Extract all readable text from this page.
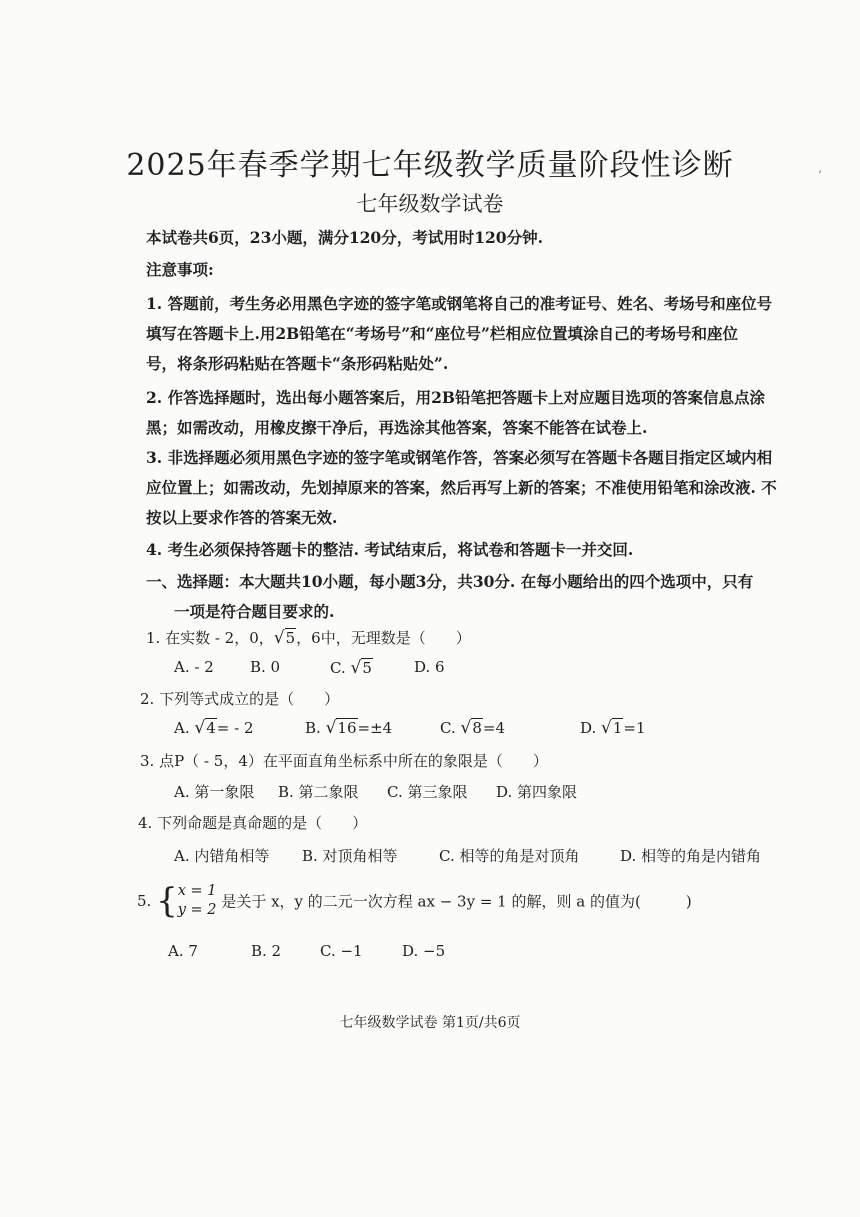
2025年春季学期七年级教学质量阶段性诊断
七年级数学试卷
‘
本试卷共6页，23小题，满分120分，考试用时120分钟.
注意事项:
1. 答题前，考生务必用黑色字迹的签字笔或钢笔将自己的准考证号、姓名、考场号和座位号
填写在答题卡上.用2B铅笔在“考场号”和“座位号”栏相应位置填涂自己的考场号和座位
号，将条形码粘贴在答题卡“条形码粘贴处”.
2. 作答选择题时，选出每小题答案后，用2B铅笔把答题卡上对应题目选项的答案信息点涂
黑；如需改动，用橡皮擦干净后，再选涂其他答案，答案不能答在试卷上.
3. 非选择题必须用黑色字迹的签字笔或钢笔作答，答案必须写在答题卡各题目指定区域内相
应位置上；如需改动，先划掉原来的答案，然后再写上新的答案；不准使用铅笔和涂改液. 不
按以上要求作答的答案无效.
4. 考生必须保持答题卡的整洁. 考试结束后，将试卷和答题卡一并交回.
一、选择题：本大题共10小题，每小题3分，共30分. 在每小题给出的四个选项中，只有
一项是符合题目要求的.
1. 在实数 - 2，0，√5，6中，无理数是（　　）
A. - 2 B. 0	C. √5	D. 6
2. 下列等式成立的是（　　）
A. √4= - 2	B. √16=±4	C. √8=4	D. √1=1
3. 点P（ - 5，4）在平面直角坐标系中所在的象限是（　　）
A. 第一象限 B. 第二象限 C. 第三象限 D. 第四象限
4. 下列命题是真命题的是（　　）
A. 内错角相等 B. 对顶角相等	C. 相等的角是对顶角	D. 相等的角是内错角
5. { x = 1
y = 2 是关于 x，y 的二元一次方程 ax − 3y = 1 的解，则 a 的值为(　　　)
A. 7	B. 2	C. −1	D. −5
七年级数学试卷 第1页/共6页
